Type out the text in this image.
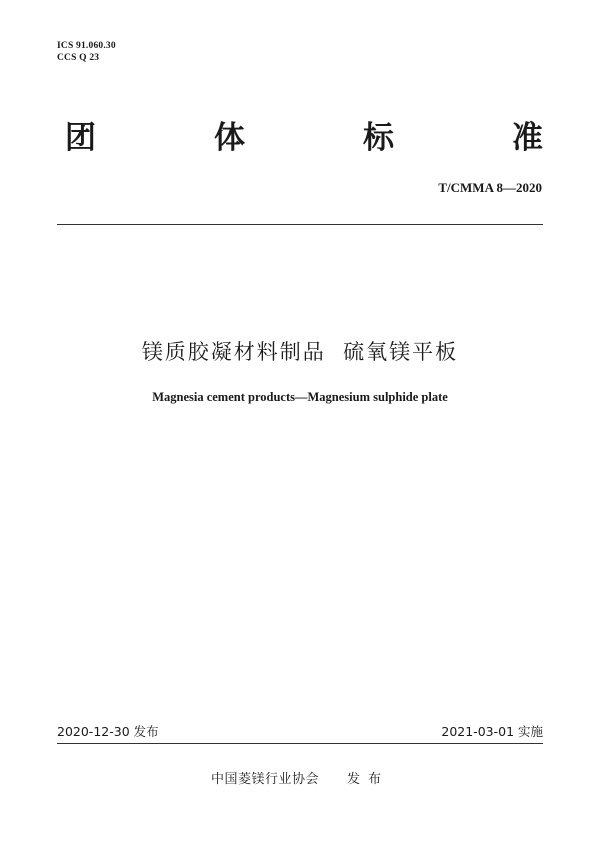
ICS 91.060.30
CCS Q 23
团	体	标	准
T/CMMA 8—2020
镁质胶凝材料制品  硫氧镁平板
Magnesia cement products—Magnesium sulphide plate
2020-12-30 发布	2021-03-01 实施
中国菱镁行业协会 发布
